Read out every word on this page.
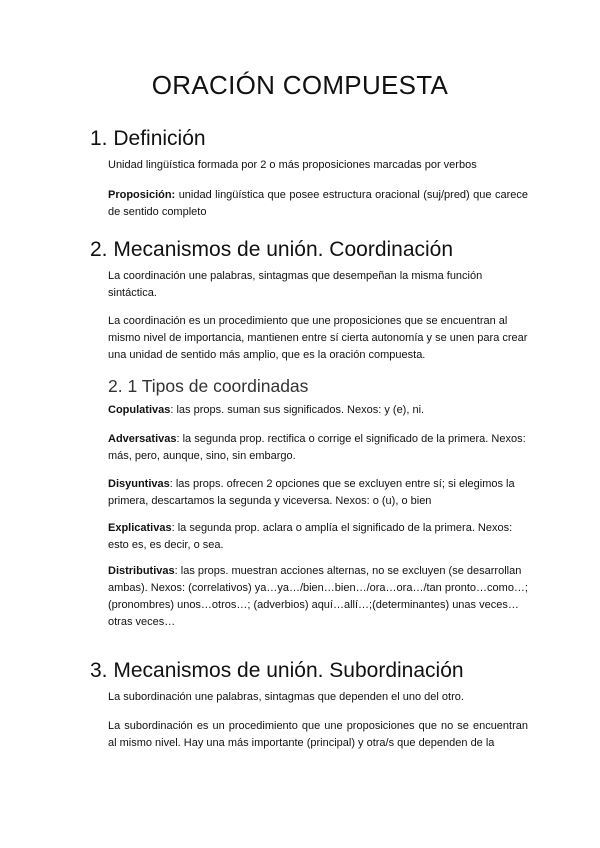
ORACIÓN COMPUESTA
1. Definición

Unidad lingüística formada por 2 o más proposiciones marcadas por verbos

Proposición: unidad lingüística que posee estructura oracional (suj/pred) que carece de sentido completo

2. Mecanismos de unión. Coordinación

La coordinación une palabras, sintagmas que desempeñan la misma función sintáctica.

La coordinación es un procedimiento que une proposiciones que se encuentran al mismo nivel de importancia, mantienen entre sí cierta autonomía y se unen para crear una unidad de sentido más amplio, que es la oración compuesta.

2. 1 Tipos de coordinadas

Copulativas: las props. suman sus significados. Nexos: y (e), ni.

Adversativas: la segunda prop. rectifica o corrige el significado de la primera. Nexos: más, pero, aunque, sino, sin embargo.

Disyuntivas: las props. ofrecen 2 opciones que se excluyen entre sí; si elegimos la primera, descartamos la segunda y viceversa. Nexos: o (u), o bien

Explicativas: la segunda prop. aclara o amplía el significado de la primera. Nexos: esto es, es decir, o sea.

Distributivas: las props. muestran acciones alternas, no se excluyen (se desarrollan ambas). Nexos: (correlativos) ya…ya…/bien…bien…/ora…ora…/tan pronto…como…; (pronombres) unos…otros…; (adverbios) aquí…allí…;(determinantes) unas veces…otras veces…

3. Mecanismos de unión. Subordinación

La subordinación une palabras, sintagmas que dependen el uno del otro.

La subordinación es un procedimiento que une proposiciones que no se encuentran al mismo nivel. Hay una más importante (principal) y otra/s que dependen de la
